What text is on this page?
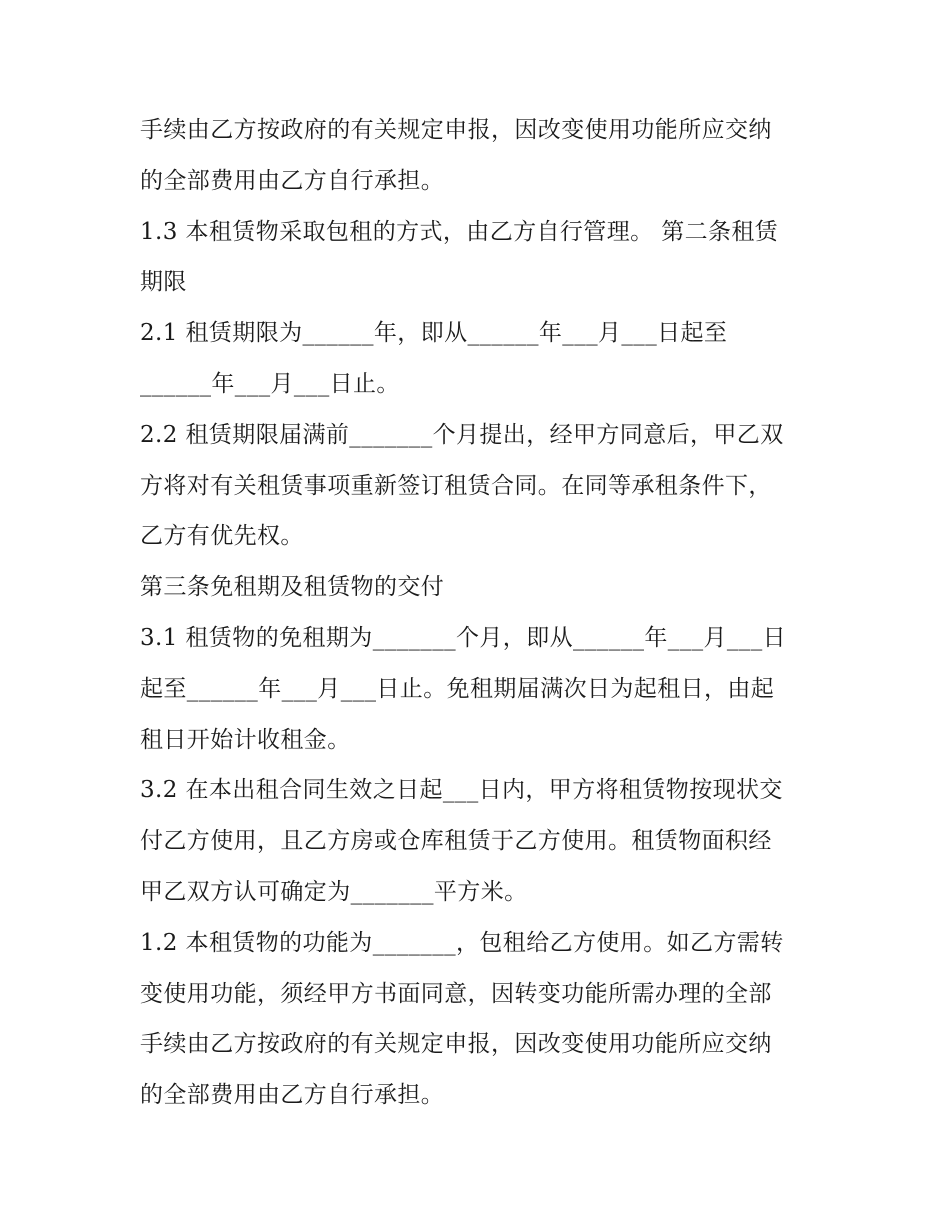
手续由乙方按政府的有关规定申报，因改变使用功能所应交纳
的全部费用由乙方自行承担。
1.3 本租赁物采取包租的方式，由乙方自行管理。 第二条租赁
期限
2.1 租赁期限为______年，即从______年___月___日起至
______年___月___日止。
2.2 租赁期限届满前_______个月提出，经甲方同意后，甲乙双
方将对有关租赁事项重新签订租赁合同。在同等承租条件下，
乙方有优先权。
第三条免租期及租赁物的交付
3.1 租赁物的免租期为_______个月，即从______年___月___日
起至______年___月___日止。免租期届满次日为起租日，由起
租日开始计收租金。
3.2 在本出租合同生效之日起___日内，甲方将租赁物按现状交
付乙方使用，且乙方房或仓库租赁于乙方使用。租赁物面积经
甲乙双方认可确定为_______平方米。
1.2 本租赁物的功能为_______，包租给乙方使用。如乙方需转
变使用功能，须经甲方书面同意，因转变功能所需办理的全部
手续由乙方按政府的有关规定申报，因改变使用功能所应交纳
的全部费用由乙方自行承担。
